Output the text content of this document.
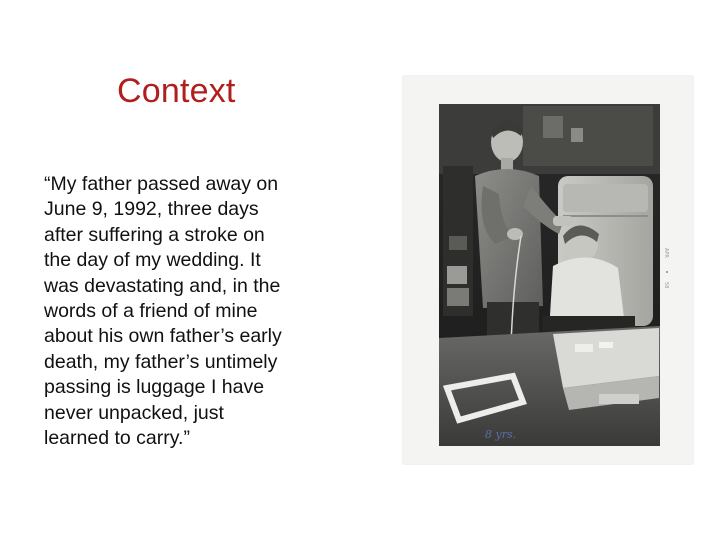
Context

“My father passed away on
June 9, 1992, three days
after suffering a stroke on
the day of my wedding. It
was devastating and, in the
words of a friend of mine
about his own father’s early
death, my father’s untimely
passing is luggage I have
never unpacked, just
learned to carry.”

APR
58
8 yrs.
